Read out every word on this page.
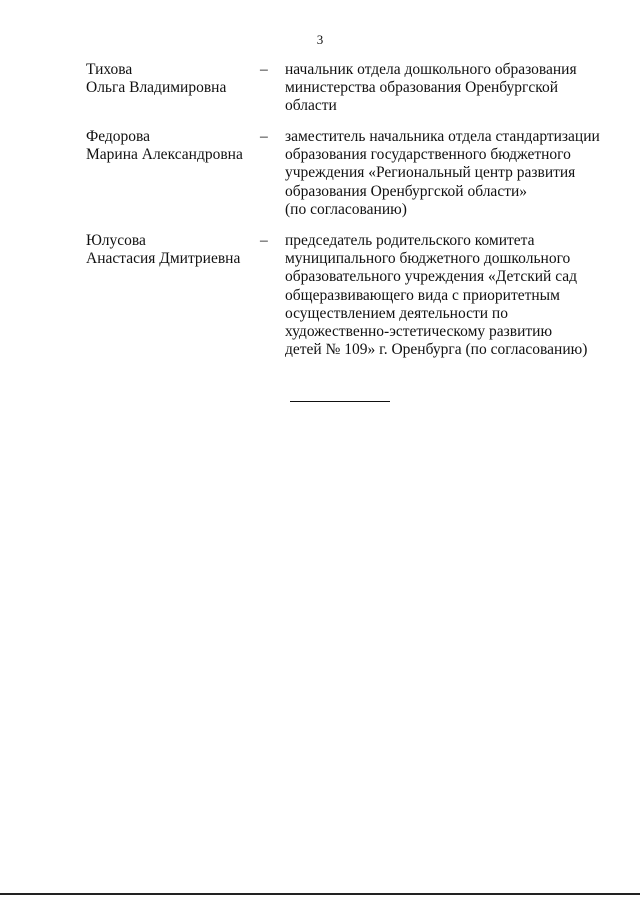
3
Тихова
Ольга Владимировна
– начальник отдела дошкольного образования
министерства образования Оренбургской
области
Федорова
Марина Александровна
– заместитель начальника отдела стандартизации
образования государственного бюджетного
учреждения «Региональный центр развития
образования Оренбургской области»
(по согласованию)
Юлусова
Анастасия Дмитриевна
– председатель родительского комитета
муниципального бюджетного дошкольного
образовательного учреждения «Детский сад
общеразвивающего вида с приоритетным
осуществлением деятельности по
художественно-эстетическому развитию
детей № 109» г. Оренбурга (по согласованию)
